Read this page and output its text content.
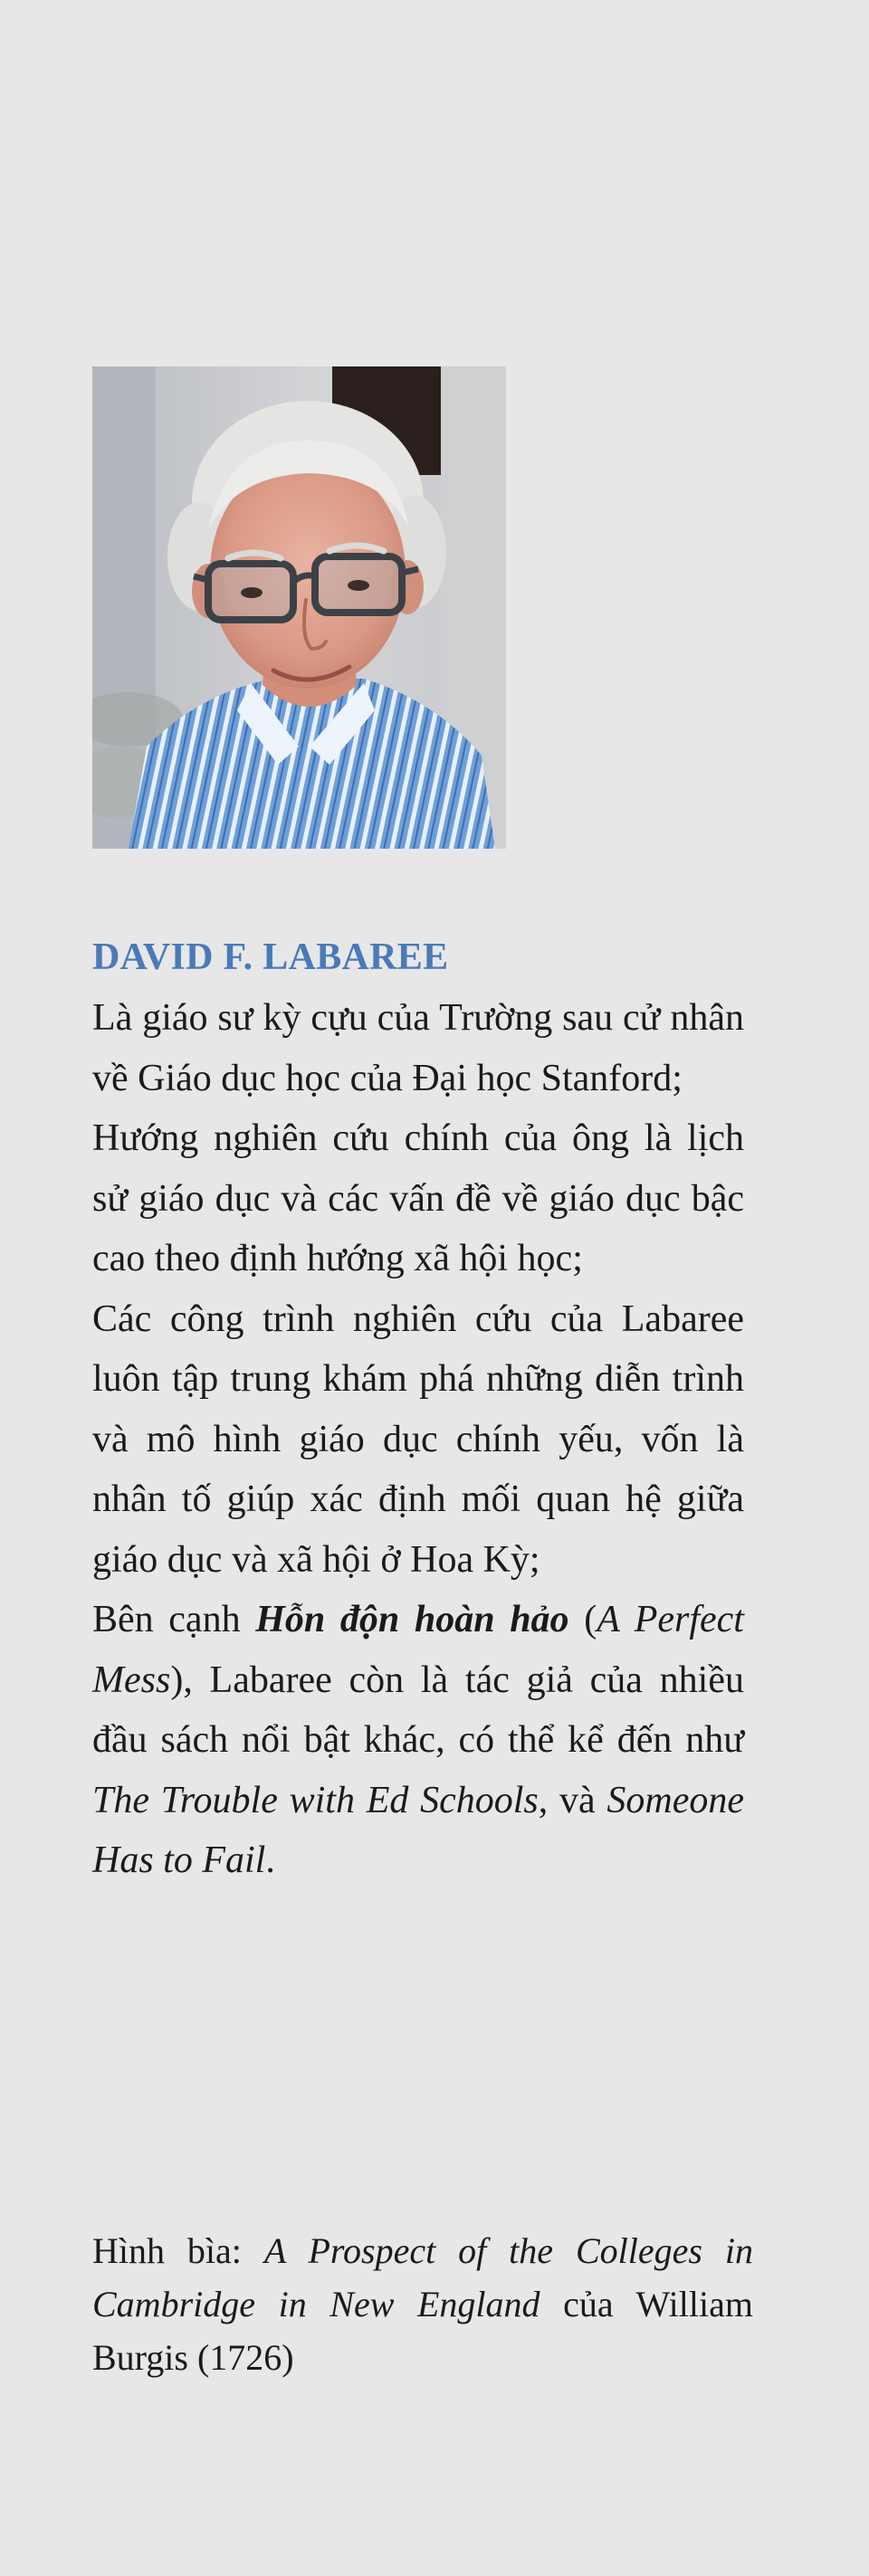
DAVID F. LABAREE

Là giáo sư kỳ cựu của Trường sau cử nhân về Giáo dục học của Đại học Stanford;

Hướng nghiên cứu chính của ông là lịch sử giáo dục và các vấn đề về giáo dục bậc cao theo định hướng xã hội học;

Các công trình nghiên cứu của Labaree luôn tập trung khám phá những diễn trình và mô hình giáo dục chính yếu, vốn là nhân tố giúp xác định mối quan hệ giữa giáo dục và xã hội ở Hoa Kỳ;

Bên cạnh Hỗn độn hoàn hảo (A Perfect Mess), Labaree còn là tác giả của nhiều đầu sách nổi bật khác, có thể kể đến như The Trouble with Ed Schools, và Someone Has to Fail.

Hình bìa: A Prospect of the Colleges in Cambridge in New England của William Burgis (1726)
